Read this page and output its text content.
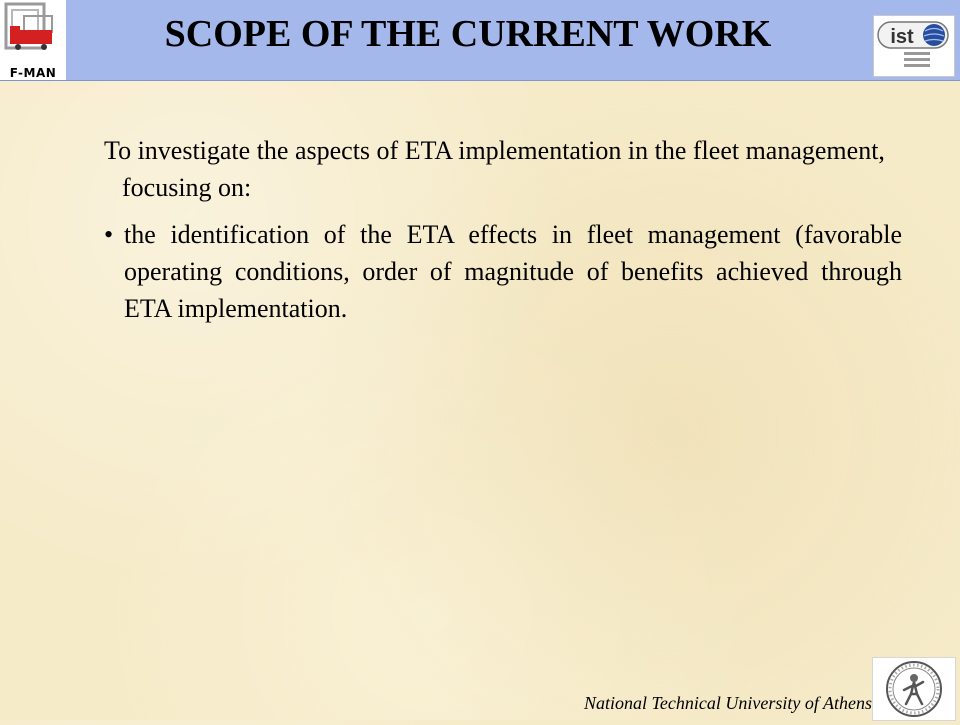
F-MAN
SCOPE OF THE CURRENT WORK	ist

To investigate the aspects of ETA implementation in the fleet management, focusing on:

• the identification of the ETA effects in fleet management (favorable operating conditions, order of magnitude of benefits achieved through ETA implementation.
National Technical University of Athens
